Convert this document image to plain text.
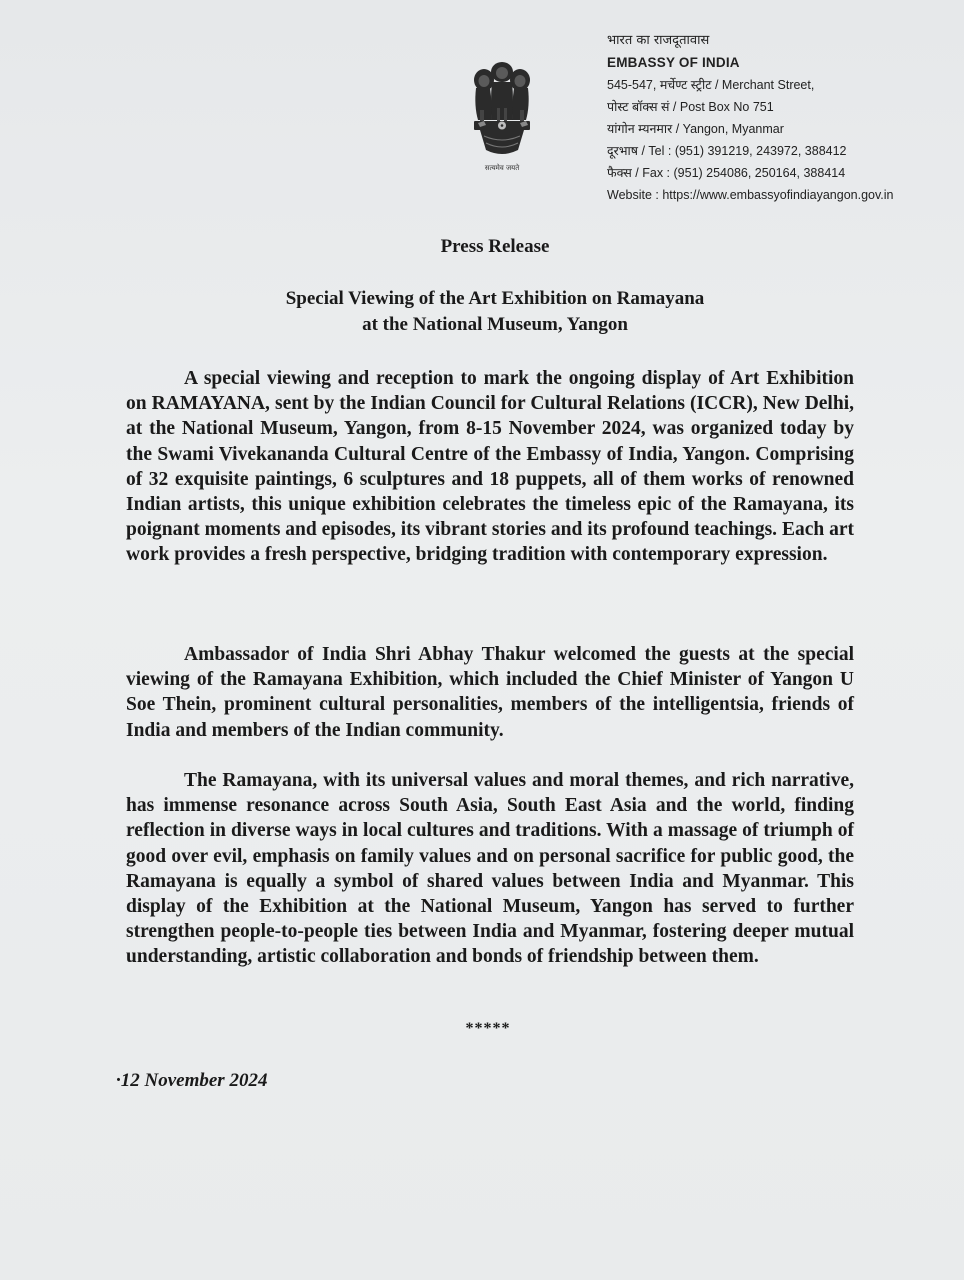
सत्यमेव जयते
भारत का राजदूतावास
EMBASSY OF INDIA
545-547, मर्चेण्ट स्ट्रीट / Merchant Street,
पोस्ट बॉक्स सं / Post Box No 751
यांगोन म्यनमार / Yangon, Myanmar
दूरभाष / Tel : (951) 391219, 243972, 388412
फैक्स / Fax : (951) 254086, 250164, 388414
Website : https://www.embassyofindiayangon.gov.in
Press Release
Special Viewing of the Art Exhibition on Ramayana
at the National Museum, Yangon

A special viewing and reception to mark the ongoing display of Art Exhibition on RAMAYANA, sent by the Indian Council for Cultural Relations (ICCR), New Delhi, at the National Museum, Yangon, from 8-15 November 2024, was organized today by the Swami Vivekananda Cultural Centre of the Embassy of India, Yangon. Comprising of 32 exquisite paintings, 6 sculptures and 18 puppets, all of them works of renowned Indian artists, this unique exhibition celebrates the timeless epic of the Ramayana, its poignant moments and episodes, its vibrant stories and its profound teachings. Each art work provides a fresh perspective, bridging tradition with contemporary expression.

Ambassador of India Shri Abhay Thakur welcomed the guests at the special viewing of the Ramayana Exhibition, which included the Chief Minister of Yangon U Soe Thein, prominent cultural personalities, members of the intelligentsia, friends of India and members of the Indian community.

The Ramayana, with its universal values and moral themes, and rich narrative, has immense resonance across South Asia, South East Asia and the world, finding reflection in diverse ways in local cultures and traditions. With a massage of triumph of good over evil, emphasis on family values and on personal sacrifice for public good, the Ramayana is equally a symbol of shared values between India and Myanmar. This display of the Exhibition at the National Museum, Yangon has served to further strengthen people-to-people ties between India and Myanmar, fostering deeper mutual understanding, artistic collaboration and bonds of friendship between them.

*****
·12 November 2024
